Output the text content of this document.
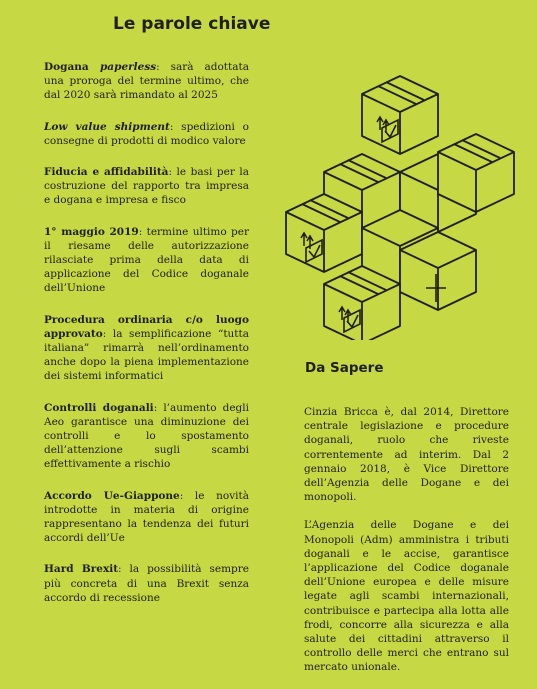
Le parole chiave

Dogana paperless: sarà adottata una proroga del termine ultimo, che dal 2020 sarà rimandato al 2025

Low value shipment: spedizioni o consegne di prodotti di modico valore

Fiducia e affidabilità: le basi per la costruzione del rapporto tra impresa e dogana e impresa e fisco

1° maggio 2019: termine ultimo per il riesame delle autorizzazione rilasciate prima della data di applicazione del Codice doganale dell’Unione

Procedura ordinaria c/o luogo approvato: la semplificazione “tutta italiana” rimarrà nell’ordinamento anche dopo la piena implementazione dei sistemi informatici

Controlli doganali: l’aumento degli Aeo garantisce una diminuzione dei controlli e lo spostamento dell’attenzione sugli scambi effettivamente a rischio

Accordo Ue-Giappone: le novità introdotte in materia di origine rappresentano la tendenza dei futuri accordi dell’Ue

Hard Brexit: la possibilità sempre più concreta di una Brexit senza accordo di recessione

Da Sapere

Cinzia Bricca è, dal 2014, Direttore centrale legislazione e procedure doganali, ruolo che riveste correntemente ad interim. Dal 2 gennaio 2018, è Vice Direttore dell’Agenzia delle Dogane e dei monopoli.

L’Agenzia delle Dogane e dei Monopoli (Adm) amministra i tributi doganali e le accise, garantisce l’applicazione del Codice doganale dell’Unione europea e delle misure legate agli scambi internazionali, contribuisce e partecipa alla lotta alle frodi, concorre alla sicurezza e alla salute dei cittadini attraverso il controllo delle merci che entrano sul mercato unionale.
